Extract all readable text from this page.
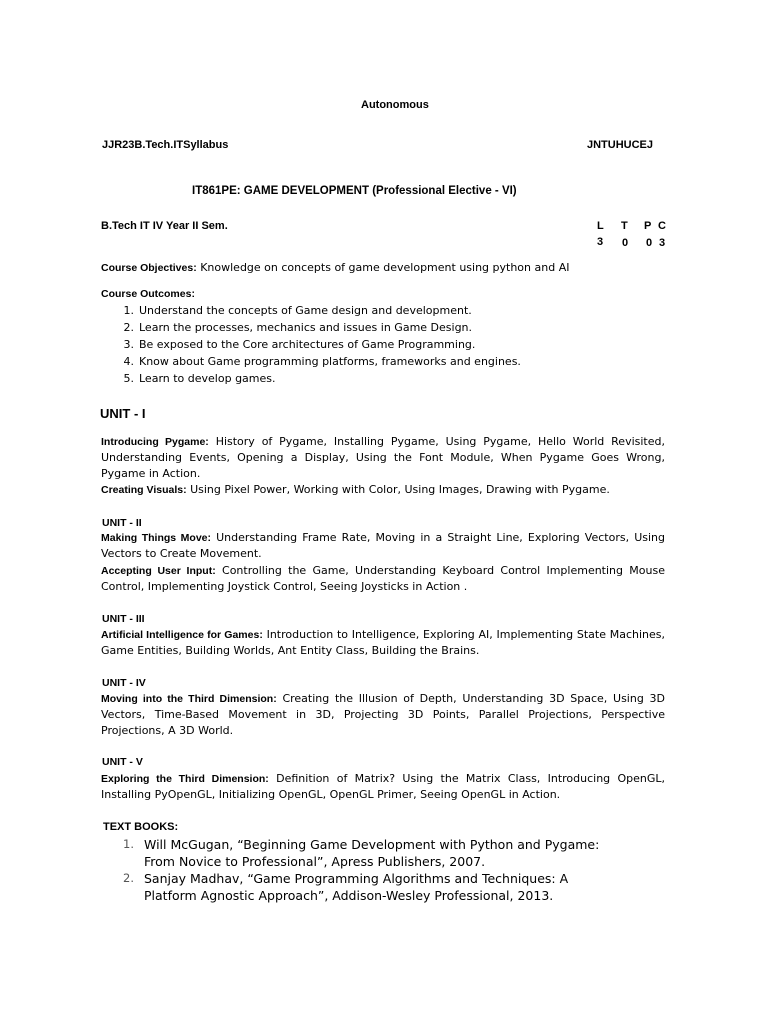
Autonomous
JJR23B.Tech.ITSyllabus	JNTUHUCEJ
IT861PE: GAME DEVELOPMENT (Professional Elective - VI)
B.Tech IT IV Year II Sem.	L T P C
3 0 0 3
Course Objectives: Knowledge on concepts of game development using python and AI
Course Outcomes:
1. Understand the concepts of Game design and development.
2. Learn the processes, mechanics and issues in Game Design.
3. Be exposed to the Core architectures of Game Programming.
4. Know about Game programming platforms, frameworks and engines.
5. Learn to develop games.
UNIT - I
Introducing Pygame: History of Pygame, Installing Pygame, Using Pygame, Hello World Revisited, Understanding Events, Opening a Display, Using the Font Module, When Pygame Goes Wrong, Pygame in Action.
Creating Visuals: Using Pixel Power, Working with Color, Using Images, Drawing with Pygame.
UNIT - II
Making Things Move: Understanding Frame Rate, Moving in a Straight Line, Exploring Vectors, Using Vectors to Create Movement.
Accepting User Input: Controlling the Game, Understanding Keyboard Control Implementing Mouse Control, Implementing Joystick Control, Seeing Joysticks in Action .
UNIT - III
Artificial Intelligence for Games: Introduction to Intelligence, Exploring AI, Implementing State Machines, Game Entities, Building Worlds, Ant Entity Class, Building the Brains.
UNIT - IV
Moving into the Third Dimension: Creating the Illusion of Depth, Understanding 3D Space, Using 3D Vectors, Time-Based Movement in 3D, Projecting 3D Points, Parallel Projections, Perspective Projections, A 3D World.
UNIT - V
Exploring the Third Dimension: Definition of Matrix? Using the Matrix Class, Introducing OpenGL, Installing PyOpenGL, Initializing OpenGL, OpenGL Primer, Seeing OpenGL in Action.
TEXT BOOKS:
1. Will McGugan, “Beginning Game Development with Python and Pygame:
From Novice to Professional”, Apress Publishers, 2007.
2. Sanjay Madhav, “Game Programming Algorithms and Techniques: A
Platform Agnostic Approach”, Addison-Wesley Professional, 2013.
